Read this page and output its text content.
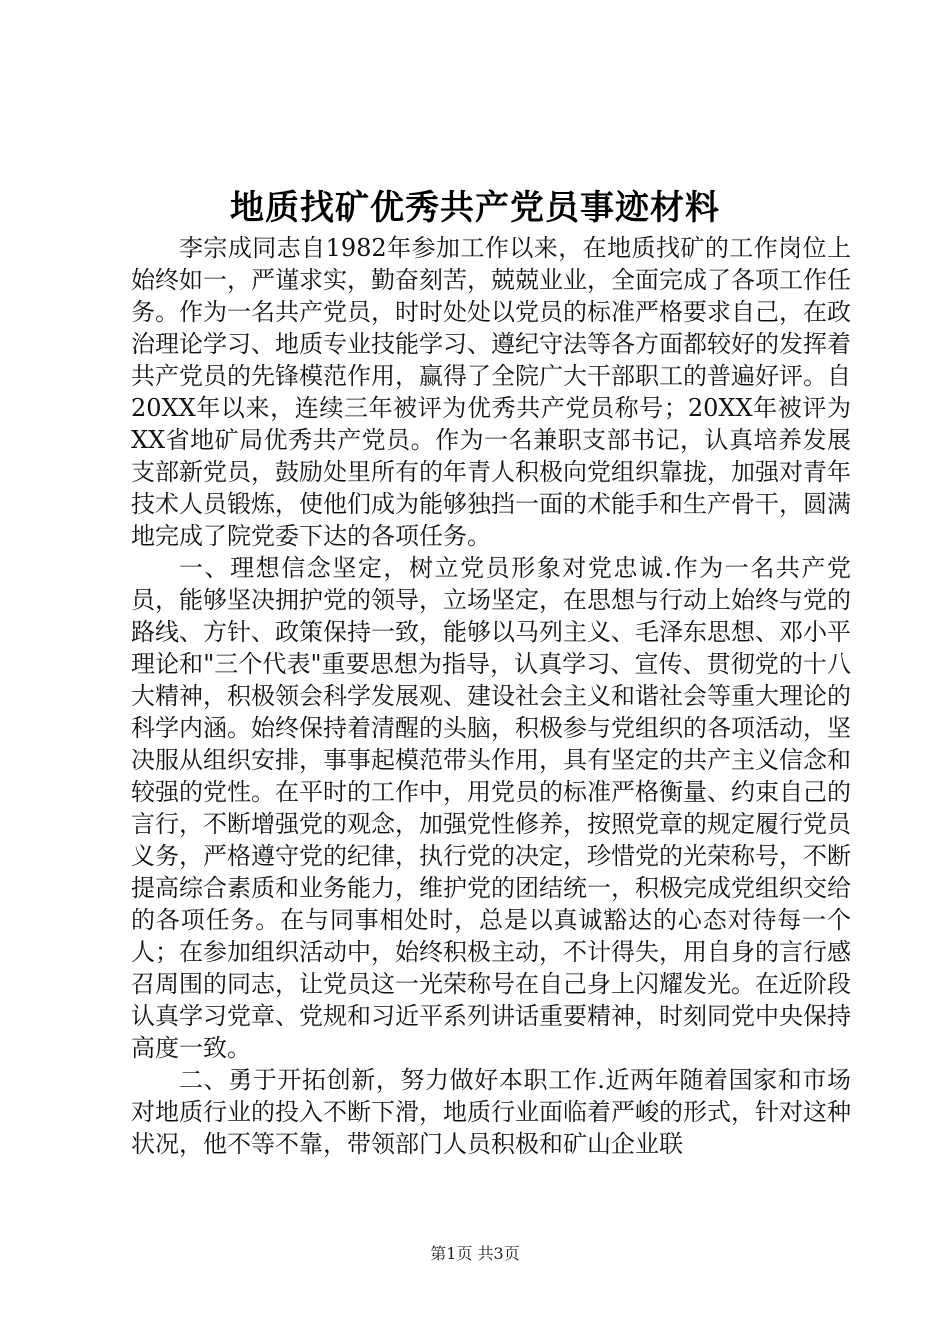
地质找矿优秀共产党员事迹材料

李宗成同志自1982年参加工作以来，在地质找矿的工作岗位上始终如一，严谨求实，勤奋刻苦，兢兢业业，全面完成了各项工作任务。作为一名共产党员，时时处处以党员的标准严格要求自己，在政治理论学习、地质专业技能学习、遵纪守法等各方面都较好的发挥着共产党员的先锋模范作用，赢得了全院广大干部职工的普遍好评。自20XX年以来，连续三年被评为优秀共产党员称号；20XX年被评为XX省地矿局优秀共产党员。作为一名兼职支部书记，认真培养发展支部新党员，鼓励处里所有的年青人积极向党组织靠拢，加强对青年技术人员锻炼，使他们成为能够独挡一面的术能手和生产骨干，圆满地完成了院党委下达的各项任务。

一、理想信念坚定，树立党员形象对党忠诚.作为一名共产党员，能够坚决拥护党的领导，立场坚定，在思想与行动上始终与党的路线、方针、政策保持一致，能够以马列主义、毛泽东思想、邓小平理论和"三个代表"重要思想为指导，认真学习、宣传、贯彻党的十八大精神，积极领会科学发展观、建设社会主义和谐社会等重大理论的科学内涵。始终保持着清醒的头脑，积极参与党组织的各项活动，坚决服从组织安排，事事起模范带头作用，具有坚定的共产主义信念和较强的党性。在平时的工作中，用党员的标准严格衡量、约束自己的言行，不断增强党的观念，加强党性修养，按照党章的规定履行党员义务，严格遵守党的纪律，执行党的决定，珍惜党的光荣称号，不断提高综合素质和业务能力，维护党的团结统一，积极完成党组织交给的各项任务。在与同事相处时，总是以真诚豁达的心态对待每一个人；在参加组织活动中，始终积极主动，不计得失，用自身的言行感召周围的同志，让党员这一光荣称号在自己身上闪耀发光。在近阶段认真学习党章、党规和习近平系列讲话重要精神，时刻同党中央保持高度一致。

二、勇于开拓创新，努力做好本职工作.近两年随着国家和市场对地质行业的投入不断下滑，地质行业面临着严峻的形式，针对这种状况，他不等不靠，带领部门人员积极和矿山企业联

第1页 共3页
